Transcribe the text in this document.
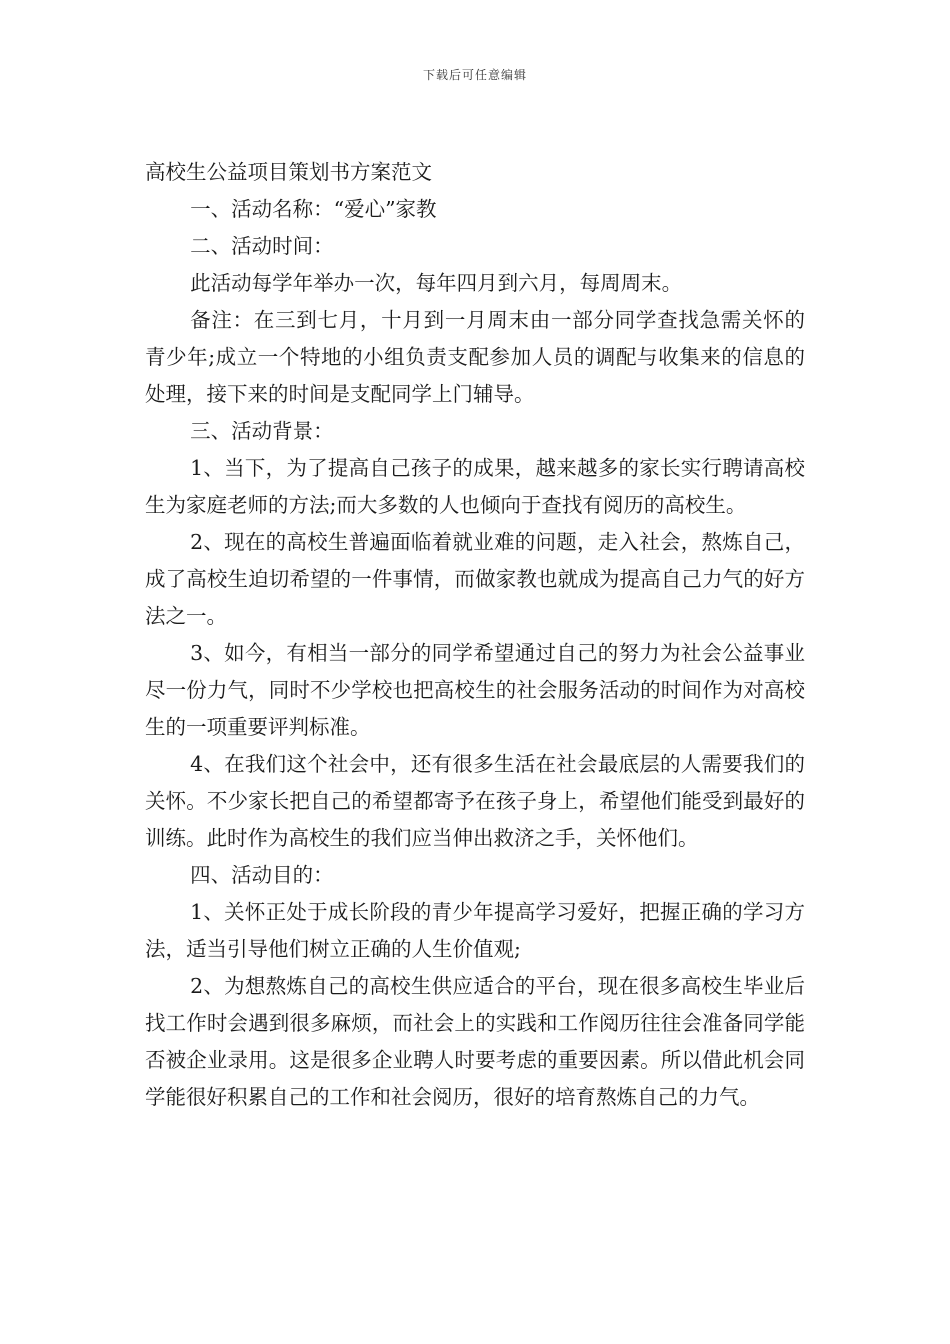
下载后可任意编辑
高校生公益项目策划书方案范文

一、活动名称：“爱心”家教

二、活动时间：

此活动每学年举办一次，每年四月到六月，每周周末。

备注：在三到七月，十月到一月周末由一部分同学查找急需关怀的青少年;成立一个特地的小组负责支配参加人员的调配与收集来的信息的处理，接下来的时间是支配同学上门辅导。

三、活动背景：

1、当下，为了提高自己孩子的成果，越来越多的家长实行聘请高校生为家庭老师的方法;而大多数的人也倾向于查找有阅历的高校生。

2、现在的高校生普遍面临着就业难的问题，走入社会，熬炼自己，成了高校生迫切希望的一件事情，而做家教也就成为提高自己力气的好方法之一。

3、如今，有相当一部分的同学希望通过自己的努力为社会公益事业尽一份力气，同时不少学校也把高校生的社会服务活动的时间作为对高校生的一项重要评判标准。

4、在我们这个社会中，还有很多生活在社会最底层的人需要我们的关怀。不少家长把自己的希望都寄予在孩子身上，希望他们能受到最好的训练。此时作为高校生的我们应当伸出救济之手，关怀他们。

四、活动目的：

1、关怀正处于成长阶段的青少年提高学习爱好，把握正确的学习方法，适当引导他们树立正确的人生价值观;

2、为想熬炼自己的高校生供应适合的平台，现在很多高校生毕业后找工作时会遇到很多麻烦，而社会上的实践和工作阅历往往会准备同学能否被企业录用。这是很多企业聘人时要考虑的重要因素。所以借此机会同学能很好积累自己的工作和社会阅历，很好的培育熬炼自己的力气。
